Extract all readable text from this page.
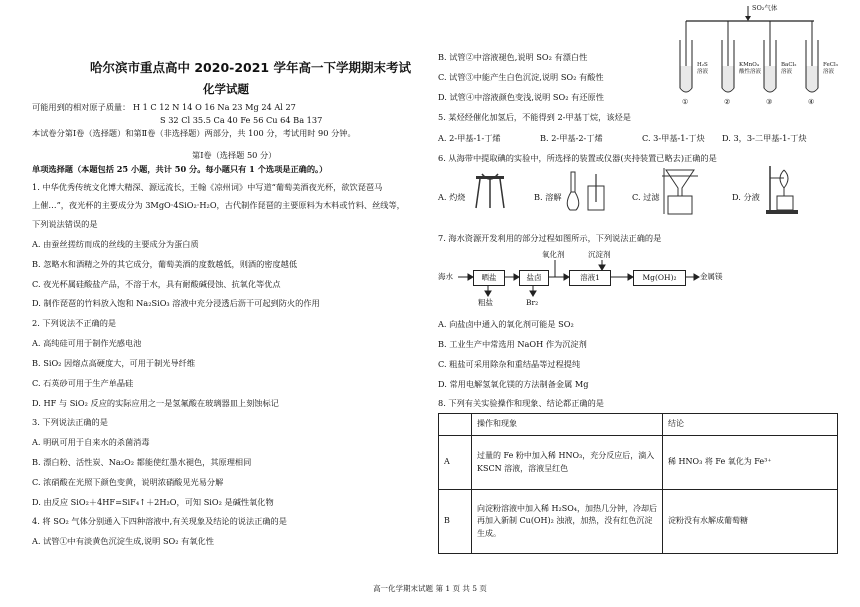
哈尔滨市重点高中 2020-2021 学年高一下学期期末考试
化学试题
可能用到的相对原子质量： H 1 C 12 N 14 O 16 Na 23 Mg 24 Al 27
S 32 Cl 35.5 Ca 40 Fe 56 Cu 64 Ba 137
本试卷分第Ⅰ卷（选择题）和第Ⅱ卷（非选择题）两部分，共 100 分，考试用时 90 分钟。
第Ⅰ卷（选择题 50 分）
单项选择题（本题包括 25 小题，共计 50 分。每小题只有 1 个选项是正确的。）
1. 中华优秀传统文化博大精深、源远流长，王翰《凉州词》中写道“葡萄美酒夜光杯，欲饮琵琶马
上催…”，夜光杯的主要成分为 3MgO·4SiO₂·H₂O，古代制作琵琶的主要原料为木料或竹料、丝线等，
下列说法错误的是
A. 由蚕丝搓纺而成的丝线的主要成分为蛋白质
B. 忽略水和酒精之外的其它成分，葡萄美酒的度数越低，则酒的密度越低
C. 夜光杯属硅酸盐产品，不溶于水，具有耐酸碱侵蚀、抗氧化等优点
D. 制作琵琶的竹料放入饱和 Na₂SiO₃ 溶液中充分浸透后沥干可起到防火的作用
2. 下列说法不正确的是
A. 高纯硅可用于制作光感电池
B. SiO₂ 因熔点高硬度大，可用于制光导纤维
C. 石英砂可用于生产单晶硅
D. HF 与 SiO₂ 反应的实际应用之一是氢氟酸在玻璃器皿上刻蚀标记
3. 下列说法正确的是
A. 明矾可用于自来水的杀菌消毒
B. 漂白粉、活性炭、Na₂O₂ 都能使红墨水褪色，其原理相同
C. 浓硝酸在光照下颜色变黄，说明浓硝酸见光易分解
D. 由反应 SiO₂＋4HF=SiF₄↑＋2H₂O，可知 SiO₂ 是碱性氧化物
4. 将 SO₂ 气体分别通入下四种溶液中,有关现象及结论的说法正确的是
A. 试管①中有淡黄色沉淀生成,说明 SO₂ 有氧化性
B. 试管②中溶液褪色,说明 SO₂ 有漂白性
C. 试管③中能产生白色沉淀,说明 SO₂ 有酸性
D. 试管④中溶液颜色变浅,说明 SO₂ 有还原性
SO₂气体
H₂S
溶液
KMnO₄
酸性溶液
BaCl₂
溶液
FeCl₃
溶液
①	②	③	④
5. 某烃经催化加氢后，不能得到 2-甲基丁烷，该烃是
A. 2-甲基-1-丁烯	B. 2-甲基-2-丁烯	C. 3-甲基-1-丁炔 D. 3，3-二甲基-1-丁炔
6. 从海带中提取碘的实验中，所选择的装置或仪器(夹持装置已略去)正确的是
A. 灼烧	B. 溶解	C. 过滤	D. 分液
7. 海水资源开发利用的部分过程如图所示，下列说法正确的是
海水	晒盐	盐卤	溶液1	Mg(OH)₂	金属镁
氧化剂	沉淀剂
粗盐	Br₂
A. 向盐卤中通入的氧化剂可能是 SO₂
B. 工业生产中常选用 NaOH 作为沉淀剂
C. 粗盐可采用除杂和重结晶等过程提纯
D. 常用电解氢氧化镁的方法制备金属 Mg
8. 下列有关实验操作和现象、结论都正确的是
	操作和现象	结论
A	过量的 Fe 粉中加入稀 HNO₃，充分反应后，滴入 KSCN 溶液，溶液呈红色	稀 HNO₃ 将 Fe 氧化为 Fe³⁺
B	向淀粉溶液中加入稀 H₂SO₄，加热几分钟，冷却后再加入新制 Cu(OH)₂ 浊液，加热，没有红色沉淀生成。	淀粉没有水解成葡萄糖
高一化学期末试题 第 1 页 共 5 页
